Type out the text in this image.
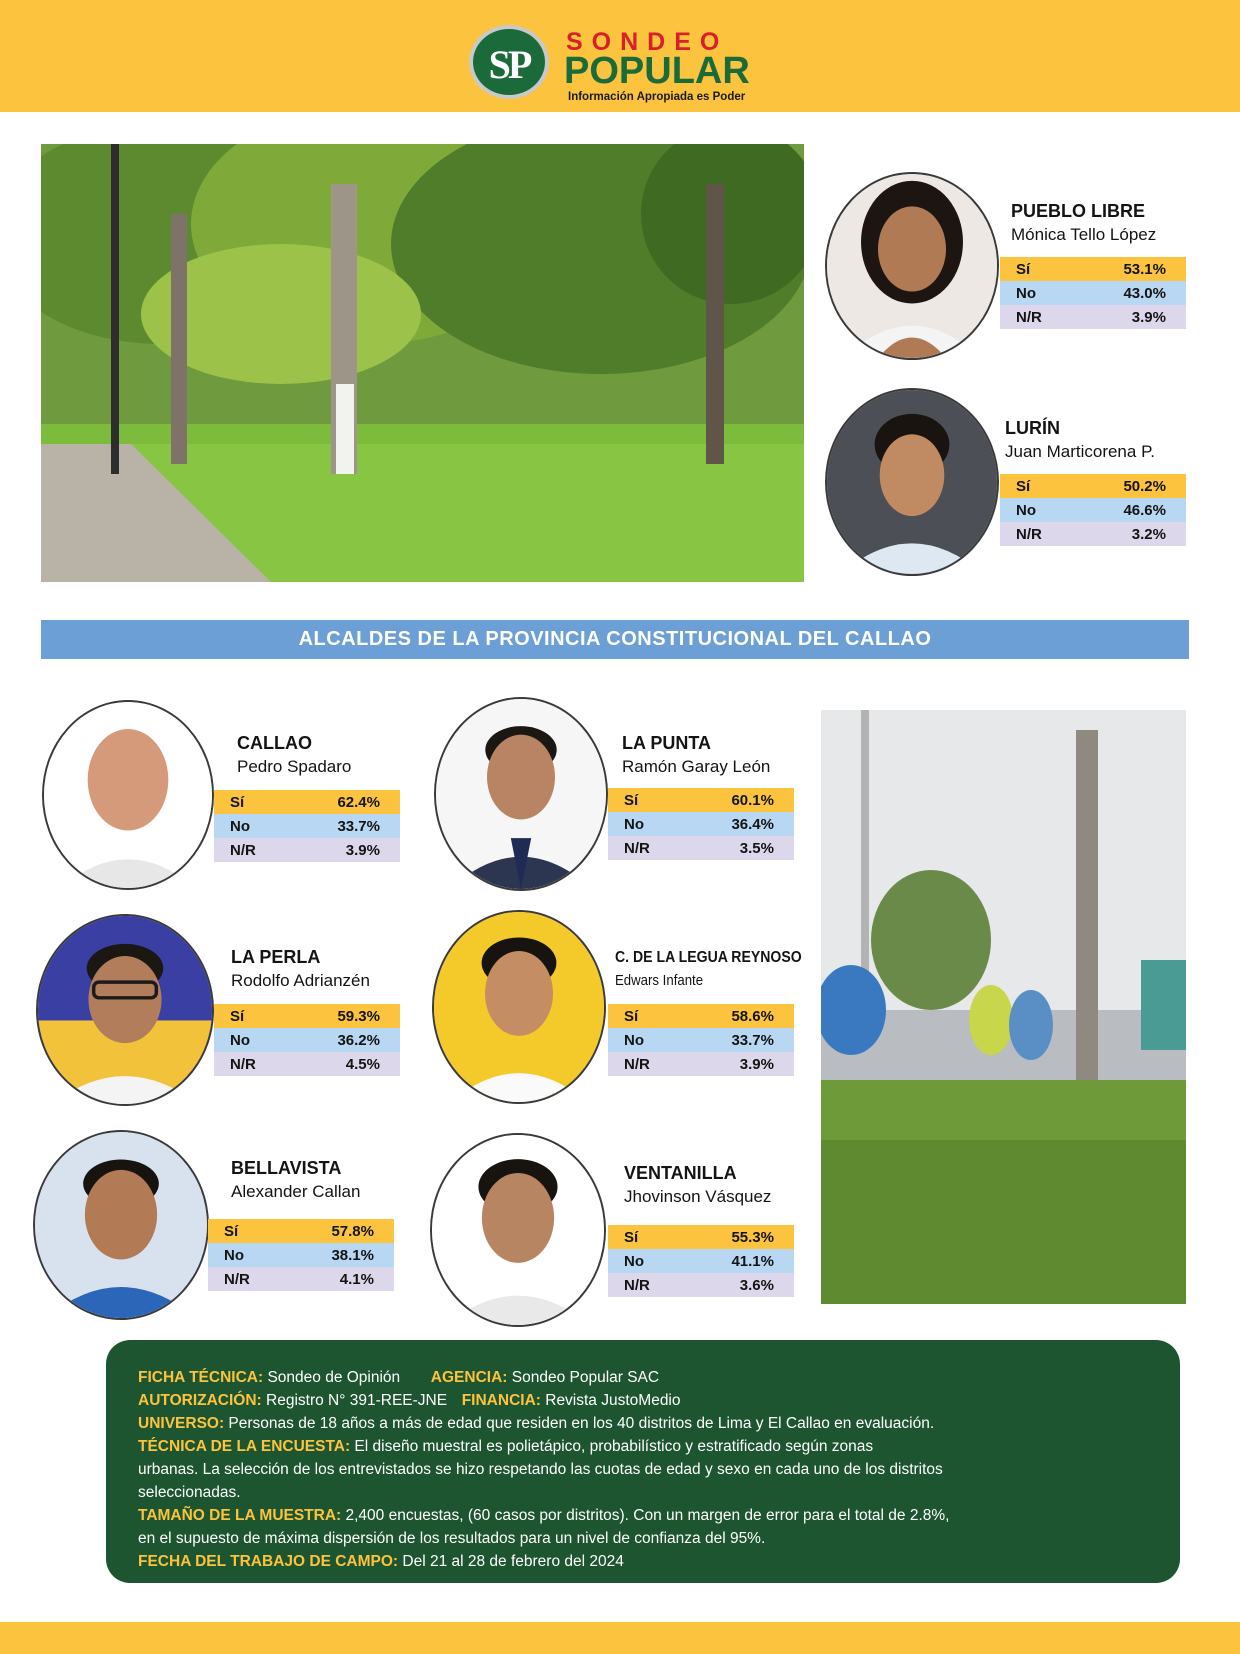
SP	SONDEO
POPULAR
Información Apropiada es Poder
PUEBLO LIBRE
Mónica Tello López
Sí	53.1%
No	43.0%
N/R	3.9%
LURÍN
Juan Marticorena P.
Sí	50.2%
No	46.6%
N/R	3.2%
ALCALDES DE LA PROVINCIA CONSTITUCIONAL DEL CALLAO
CALLAO
Pedro Spadaro
Sí	62.4%
No	33.7%
N/R	3.9%
LA PUNTA
Ramón Garay León
Sí	60.1%
No	36.4%
N/R	3.5%
LA PERLA
Rodolfo Adrianzén
Sí	59.3%
No	36.2%
N/R	4.5%
C. DE LA LEGUA REYNOSO
Edwars Infante
Sí	58.6%
No	33.7%
N/R	3.9%
BELLAVISTA
Alexander Callan
Sí	57.8%
No	38.1%
N/R	4.1%
VENTANILLA
Jhovinson Vásquez
Sí	55.3%
No	41.1%
N/R	3.6%
FICHA TÉCNICA: Sondeo de Opinión AGENCIA: Sondeo Popular SAC
AUTORIZACIÓN: Registro N° 391-REE-JNE FINANCIA: Revista JustoMedio
UNIVERSO: Personas de 18 años a más de edad que residen en los 40 distritos de Lima y El Callao en evaluación.
TÉCNICA DE LA ENCUESTA: El diseño muestral es polietápico, probabilístico y estratificado según zonas
urbanas. La selección de los entrevistados se hizo respetando las cuotas de edad y sexo en cada uno de los distritos
seleccionadas.
TAMAÑO DE LA MUESTRA: 2,400 encuestas, (60 casos por distritos). Con un margen de error para el total de 2.8%,
en el supuesto de máxima dispersión de los resultados para un nivel de confianza del 95%.
FECHA DEL TRABAJO DE CAMPO: Del 21 al 28 de febrero del 2024
